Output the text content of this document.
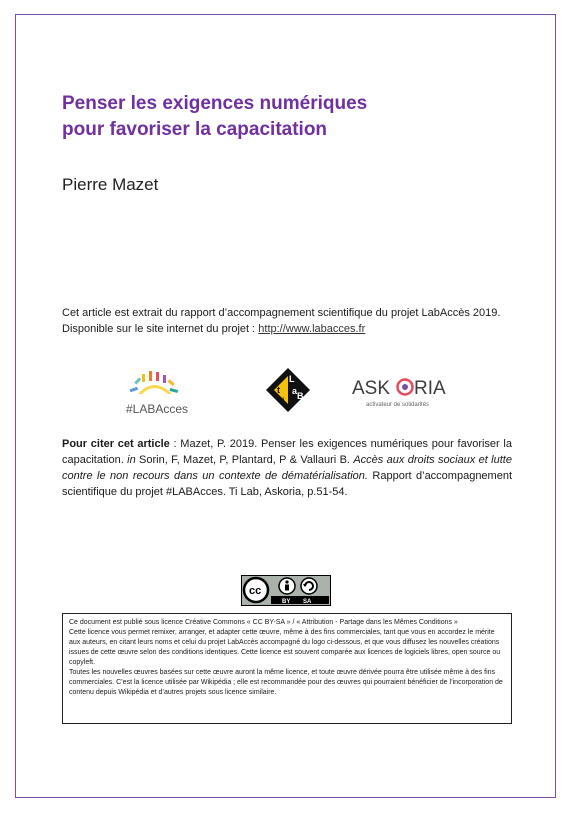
Penser les exigences numériques
pour favoriser la capacitation
Pierre Mazet
Cet article est extrait du rapport d’accompagnement scientifique du projet LabAccès 2019.
Disponible sur le site internet du projet : http://www.labacces.fr
#LABAcces
t
i
L
a B	ASK RIA
activateur de solidarités
Pour citer cet article : Mazet, P. 2019. Penser les exigences numériques pour favoriser la capacitation. in Sorin, F, Mazet, P, Plantard, P & Vallauri B. Accès aux droits sociaux et lutte contre le non recours dans un contexte de dématérialisation. Rapport d’accompagnement scientifique du projet #LABAcces. Ti Lab, Askoria, p.51-54.
cc
BY SA

Ce document est publié sous licence Créative Commons « CC BY-SA » / « Attribution - Partage dans les Mêmes Conditions »

Cette licence vous permet remixer, arranger, et adapter cette œuvre, même à des fins commerciales, tant que vous en accordez le mérite aux auteurs, en citant leurs noms et celui du projet LabAccès accompagné du logo ci-dessous, et que vous diffusez les nouvelles créations issues de cette œuvre selon des conditions identiques. Cette licence est souvent comparée aux licences de logiciels libres, open source ou copyleft.

Toutes les nouvelles œuvres basées sur cette œuvre auront la même licence, et toute œuvre dérivée pourra être utilisée même à des fins commerciales. C’est la licence utilisée par Wikipédia ; elle est recommandée pour des œuvres qui pourraient bénéficier de l’incorporation de contenu depuis Wikipédia et d’autres projets sous licence similaire.
